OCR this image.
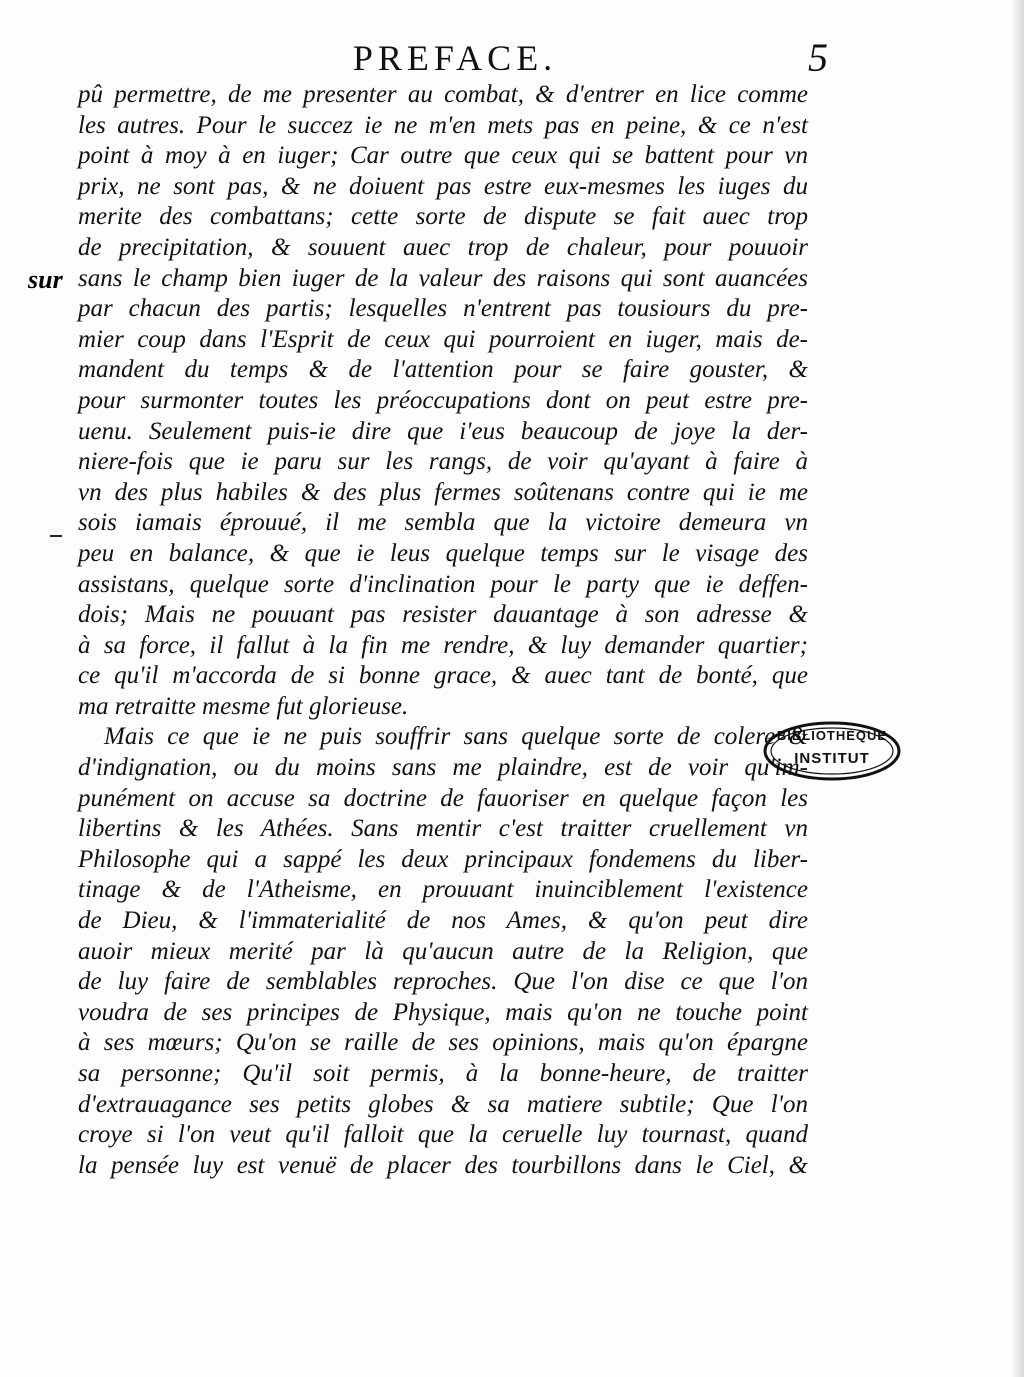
PREFACE.	5
sur
pû permettre, de me presenter au combat, & d'entrer en lice comme
les autres. Pour le succez ie ne m'en mets pas en peine, & ce n'est
point à moy à en iuger; Car outre que ceux qui se battent pour vn
prix, ne sont pas, & ne doiuent pas estre eux-mesmes les iuges du
merite des combattans; cette sorte de dispute se fait auec trop
de precipitation, & souuent auec trop de chaleur, pour pouuoir
sans le champ bien iuger de la valeur des raisons qui sont auancées
par chacun des partis; lesquelles n'entrent pas tousiours du pre-
mier coup dans l'Esprit de ceux qui pourroient en iuger, mais de-
mandent du temps & de l'attention pour se faire gouster, &
pour surmonter toutes les préoccupations dont on peut estre pre-
uenu. Seulement puis-ie dire que i'eus beaucoup de joye la der-
niere-fois que ie paru sur les rangs, de voir qu'ayant à faire à
vn des plus habiles & des plus fermes soûtenans contre qui ie me
sois iamais éprouué, il me sembla que la victoire demeura vn
peu en balance, & que ie leus quelque temps sur le visage des
assistans, quelque sorte d'inclination pour le party que ie deffen-
dois; Mais ne pouuant pas resister dauantage à son adresse &
à sa force, il fallut à la fin me rendre, & luy demander quartier;
ce qu'il m'accorda de si bonne grace, & auec tant de bonté, que
ma retraitte mesme fut glorieuse.
Mais ce que ie ne puis souffrir sans quelque sorte de colere &
d'indignation, ou du moins sans me plaindre, est de voir qu'im-
punément on accuse sa doctrine de fauoriser en quelque façon les
libertins & les Athées. Sans mentir c'est traitter cruellement vn
Philosophe qui a sappé les deux principaux fondemens du liber-
tinage & de l'Atheisme, en prouuant inuinciblement l'existence
de Dieu, & l'immaterialité de nos Ames, & qu'on peut dire
auoir mieux merité par là qu'aucun autre de la Religion, que
de luy faire de semblables reproches. Que l'on dise ce que l'on
voudra de ses principes de Physique, mais qu'on ne touche point
à ses mœurs; Qu'on se raille de ses opinions, mais qu'on épargne
sa personne; Qu'il soit permis, à la bonne-heure, de traitter
d'extrauagance ses petits globes & sa matiere subtile; Que l'on
croye si l'on veut qu'il falloit que la ceruelle luy tournast, quand
la pensée luy est venuë de placer des tourbillons dans le Ciel, &
BIBLIOTHÈQUE
INSTITUT
